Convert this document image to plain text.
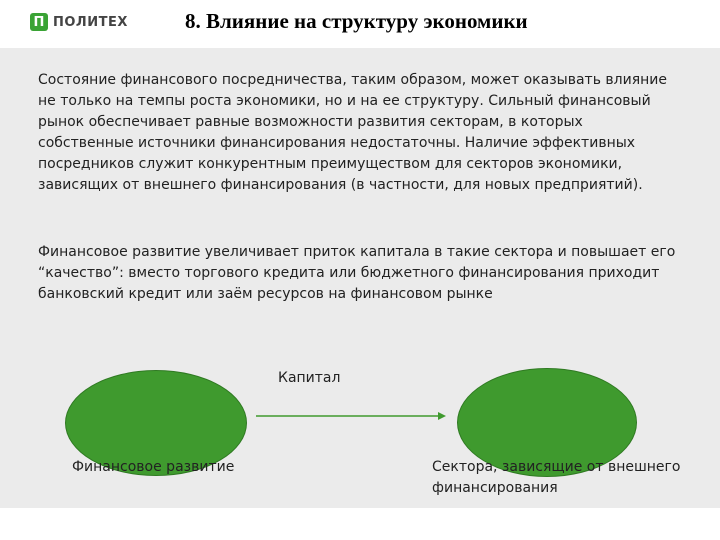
П ПОЛИТЕХ	8. Влияние на структуру экономики
Состояние финансового посредничества, таким образом, может оказывать влияние не только на темпы роста экономики, но и на ее структуру. Сильный финансовый рынок обеспечивает равные возможности развития секторам, в которых собственные источники финансирования недостаточны. Наличие эффективных посредников служит конкурентным преимуществом для секторов экономики, зависящих от внешнего финансирования (в частности, для новых предприятий).
Финансовое развитие увеличивает приток капитала в такие сектора и повышает его “качество”: вместо торгового кредита или бюджетного финансирования приходит банковский кредит или заём ресурсов на финансовом рынке
Капитал
Финансовое развитие	Сектора, зависящие от внешнего финансирования
